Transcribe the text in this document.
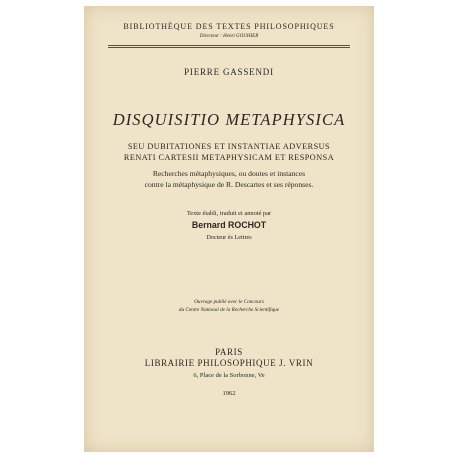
BIBLIOTHÈQUE DES TEXTES PHILOSOPHIQUES

Directeur : Henri GOUHIER

PIERRE GASSENDI

DISQUISITIO METAPHYSICA

SEU DUBITATIONES ET INSTANTIAE ADVERSUS

RENATI CARTESII METAPHYSICAM ET RESPONSA

Recherches métaphysiques, ou doutes et instances

contre la métaphysique de R. Descartes et ses réponses.

Texte établi, traduit et annoté par

Bernard ROCHOT

Docteur ès Lettres

Ouvrage publié avec le Concours

du Centre National de la Recherche Scientifique

PARIS

LIBRAIRIE PHILOSOPHIQUE J. VRIN

6, Place de la Sorbonne, Ve

1962
